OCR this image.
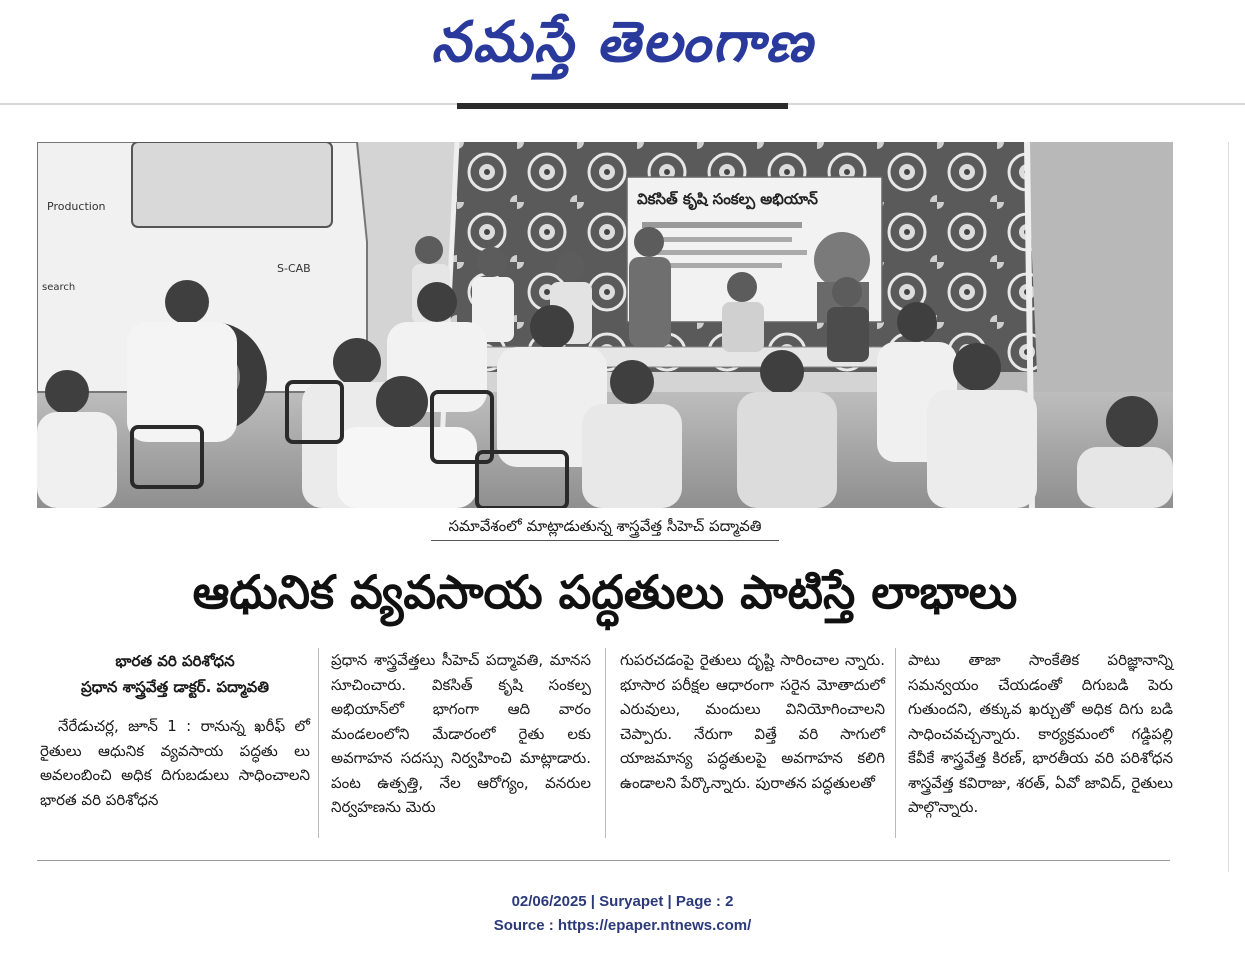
నమస్తే తెలంగాణ
Production
S-CAB
search
వికసిత్ కృషి సంకల్ప అభియాన్
సమావేశంలో మాట్లాడుతున్న శాస్త్రవేత్త సీహెచ్ పద్మావతి
ఆధునిక వ్యవసాయ పద్ధతులు పాటిస్తే లాభాలు
భారత వరి పరిశోధన
ప్రధాన శాస్త్రవేత్త డాక్టర్. పద్మావతి

నేరేడుచర్ల, జూన్ 1 : రానున్న ఖరీఫ్ లో రైతులు ఆధునిక వ్యవసాయ పద్ధతు లు అవలంబించి అధిక దిగుబడులు సాధించాలని భారత వరి పరిశోధన

ప్రధాన శాస్త్రవేత్తలు సీహెచ్ పద్మావతి, మానస సూచించారు. వికసిత్ కృషి సంకల్ప అభియాన్‌లో భాగంగా ఆది వారం మండలంలోని మేడారంలో రైతు లకు అవగాహన సదస్సు నిర్వహించి మాట్లాడారు. పంట ఉత్పత్తి, నేల ఆరోగ్యం, వనరుల నిర్వహణను మెరు

గుపరచడంపై రైతులు దృష్టి సారించాల న్నారు. భూసార పరీక్షల ఆధారంగా సరైన మోతాదులో ఎరువులు, మందులు వినియోగించాలని చెప్పారు. నేరుగా విత్తే వరి సాగులో యాజమాన్య పద్ధతులపై అవగాహన కలిగి ఉండాలని పేర్కొన్నారు. పురాతన పద్ధతులతో

పాటు తాజా సాంకేతిక పరిజ్ఞానాన్ని సమన్వయం చేయడంతో దిగుబడి పెరు గుతుందని, తక్కువ ఖర్చుతో అధిక దిగు బడి సాధించవచ్చన్నారు. కార్యక్రమంలో గడ్డిపల్లి కేవీకే శాస్త్రవేత్త కిరణ్, భారతీయ వరి పరిశోధన శాస్త్రవేత్త కవిరాజు, శరత్, ఏవో జావిద్, రైతులు పాల్గొన్నారు.

02/06/2025 | Suryapet | Page : 2
Source : https://epaper.ntnews.com/
